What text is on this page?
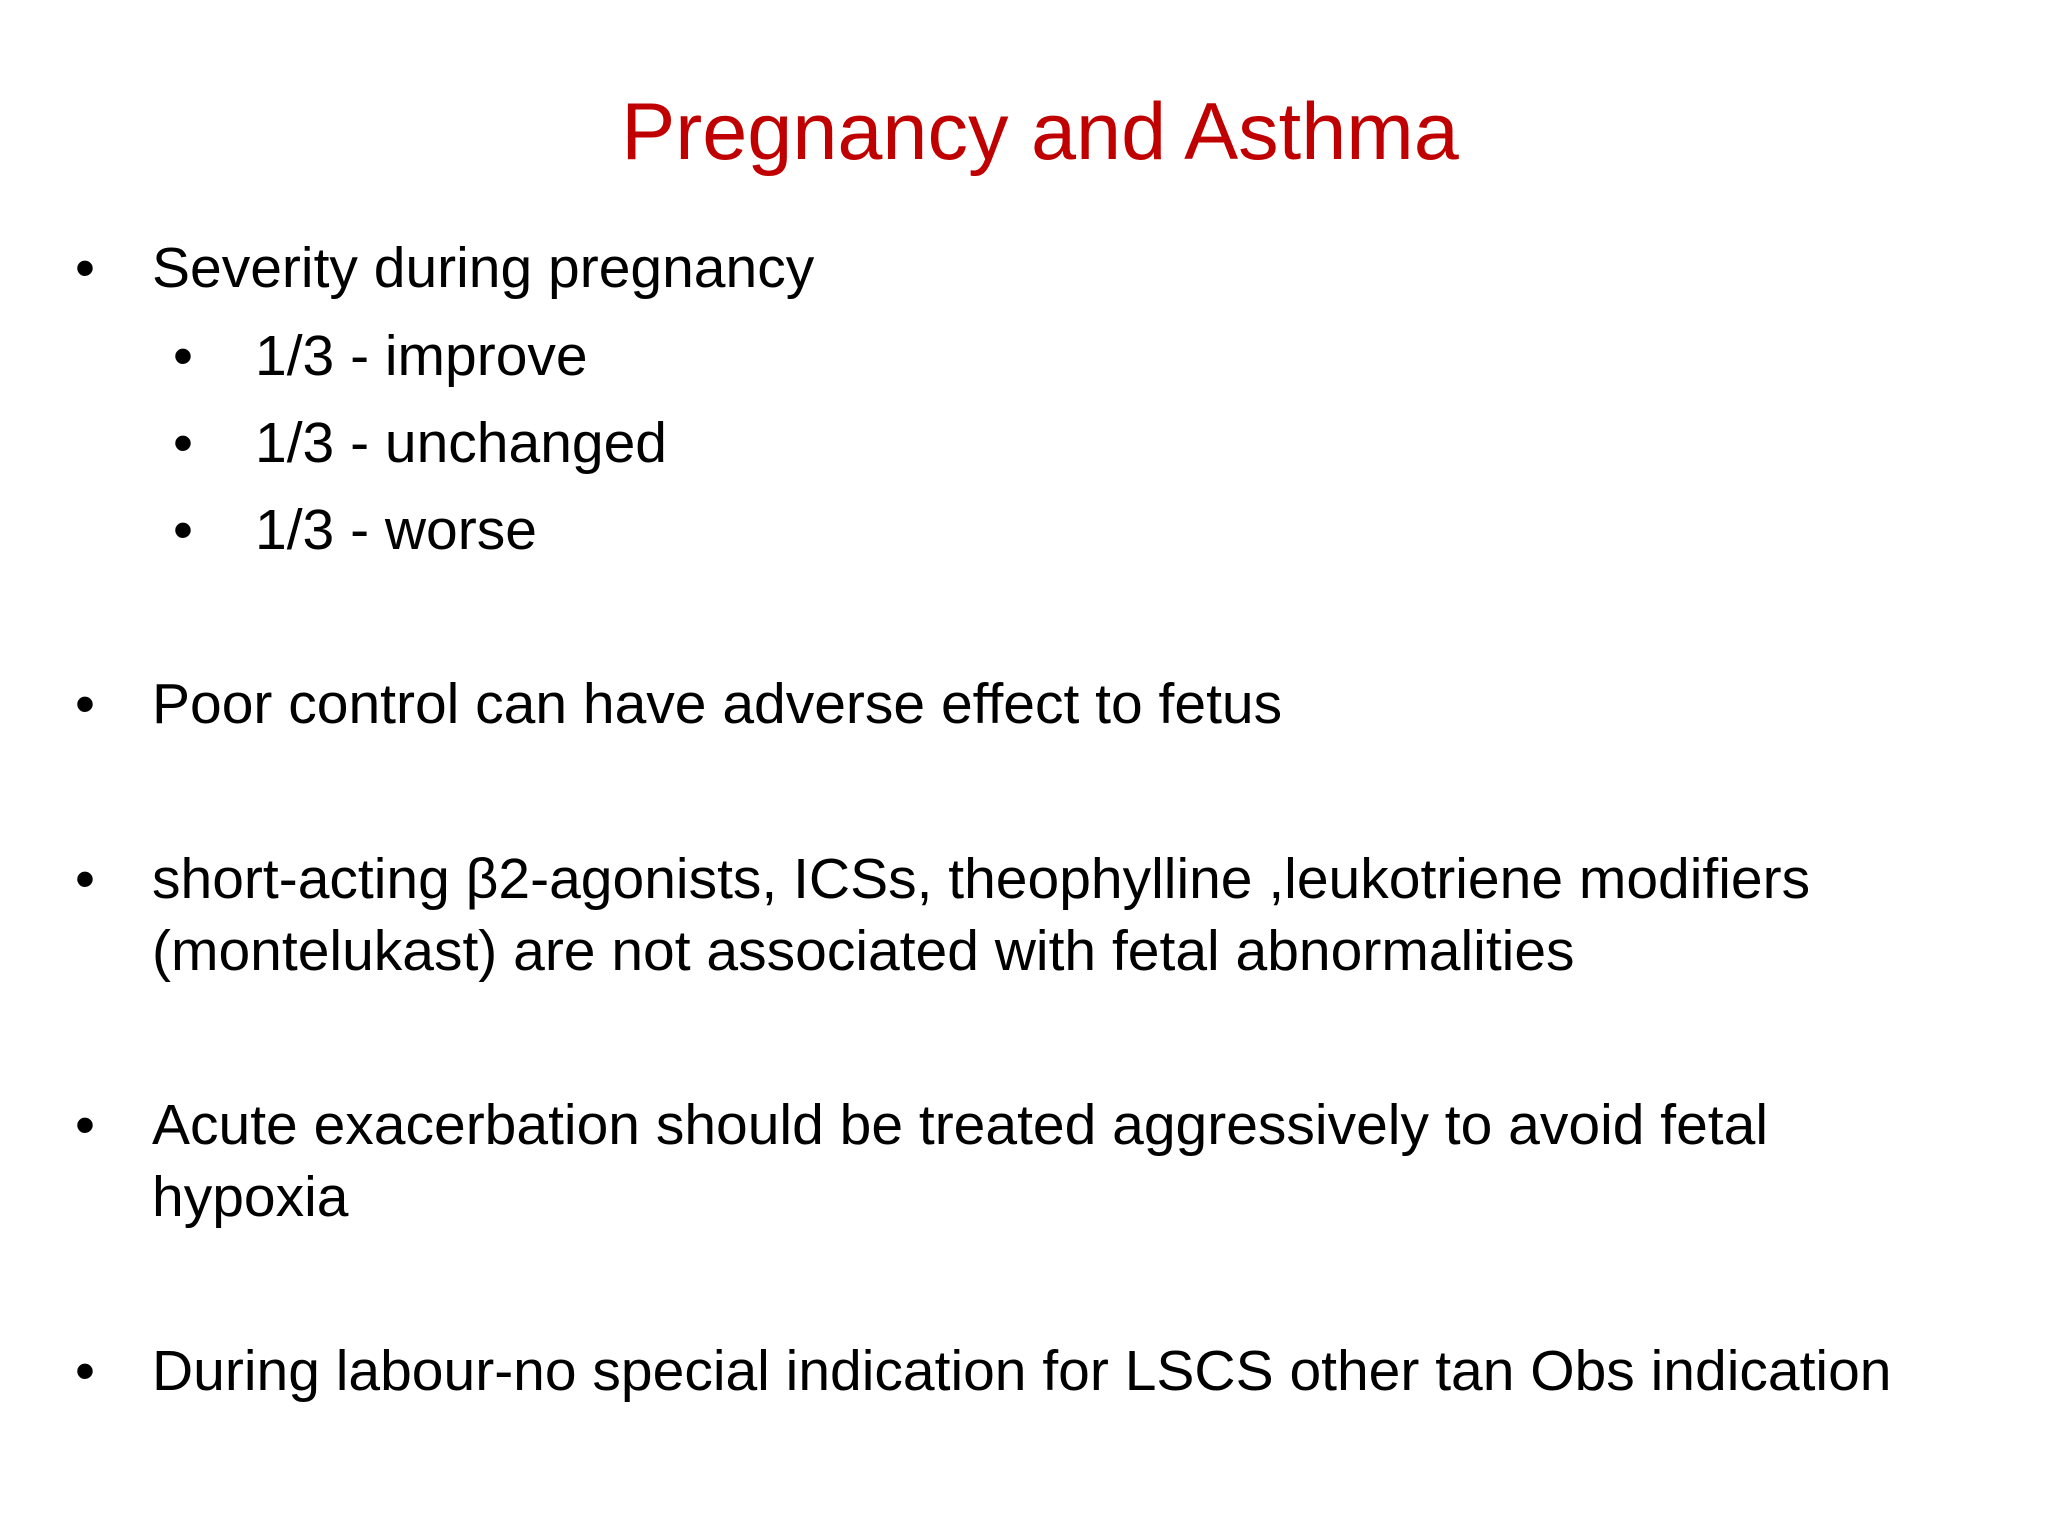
Pregnancy and Asthma
•	Severity during pregnancy
•	1/3 - improve
•	1/3 - unchanged
•	1/3 - worse
•	Poor control can have adverse effect to fetus
•	short-acting β2-agonists, ICSs, theophylline ,leukotriene modifiers
(montelukast) are not associated with fetal abnormalities
•	Acute exacerbation should be treated aggressively to avoid fetal
hypoxia
•	During labour-no special indication for LSCS other tan Obs indication
